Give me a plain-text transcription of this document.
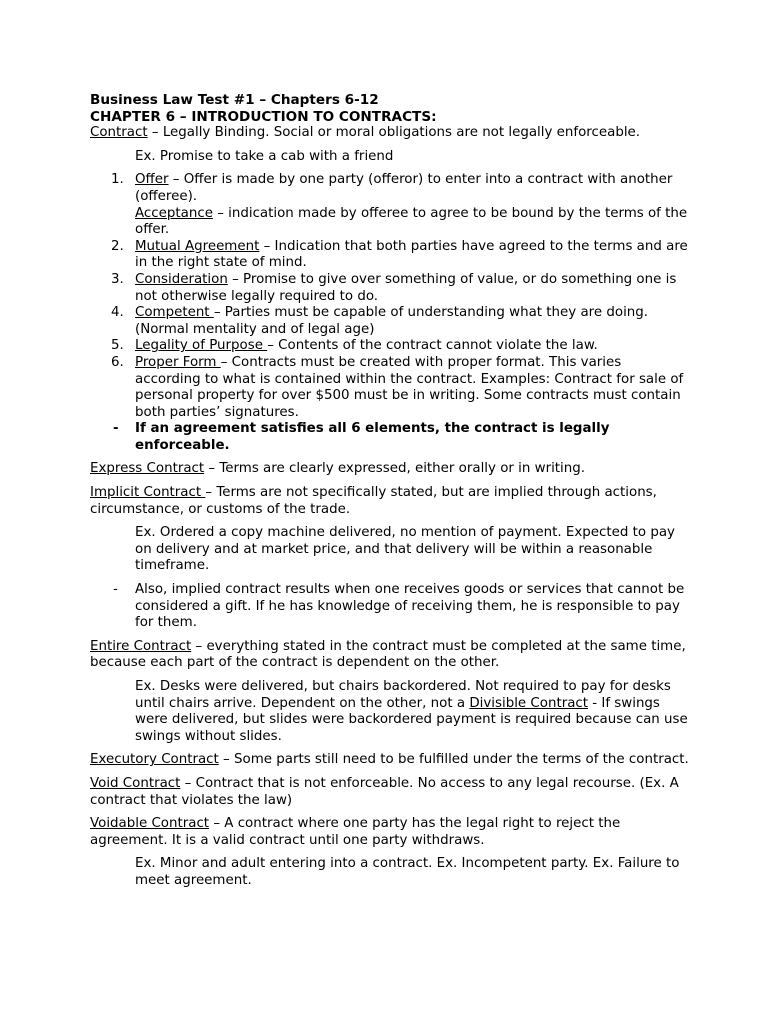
Business Law Test #1 – Chapters 6-12

CHAPTER 6 – INTRODUCTION TO CONTRACTS:

Contract – Legally Binding. Social or moral obligations are not legally enforceable.

Ex. Promise to take a cab with a friend

1. Offer – Offer is made by one party (offeror) to enter into a contract with another (offeree).
Acceptance – indication made by offeree to agree to be bound by the terms of the offer.
2. Mutual Agreement – Indication that both parties have agreed to the terms and are in the right state of mind.
3. Consideration – Promise to give over something of value, or do something one is not otherwise legally required to do.
4. Competent – Parties must be capable of understanding what they are doing. (Normal mentality and of legal age)
5. Legality of Purpose – Contents of the contract cannot violate the law.
6. Proper Form – Contracts must be created with proper format. This varies according to what is contained within the contract. Examples: Contract for sale of personal property for over $500 must be in writing. Some contracts must contain both parties’ signatures.

- If an agreement satisfies all 6 elements, the contract is legally enforceable.

Express Contract – Terms are clearly expressed, either orally or in writing.

Implicit Contract – Terms are not specifically stated, but are implied through actions, circumstance, or customs of the trade.

Ex. Ordered a copy machine delivered, no mention of payment. Expected to pay on delivery and at market price, and that delivery will be within a reasonable timeframe.

- Also, implied contract results when one receives goods or services that cannot be considered a gift. If he has knowledge of receiving them, he is responsible to pay for them.

Entire Contract – everything stated in the contract must be completed at the same time, because each part of the contract is dependent on the other.

Ex. Desks were delivered, but chairs backordered. Not required to pay for desks until chairs arrive. Dependent on the other, not a Divisible Contract - If swings were delivered, but slides were backordered payment is required because can use swings without slides.

Executory Contract – Some parts still need to be fulfilled under the terms of the contract.

Void Contract – Contract that is not enforceable. No access to any legal recourse. (Ex. A contract that violates the law)

Voidable Contract – A contract where one party has the legal right to reject the agreement. It is a valid contract until one party withdraws.

Ex. Minor and adult entering into a contract. Ex. Incompetent party. Ex. Failure to meet agreement.
